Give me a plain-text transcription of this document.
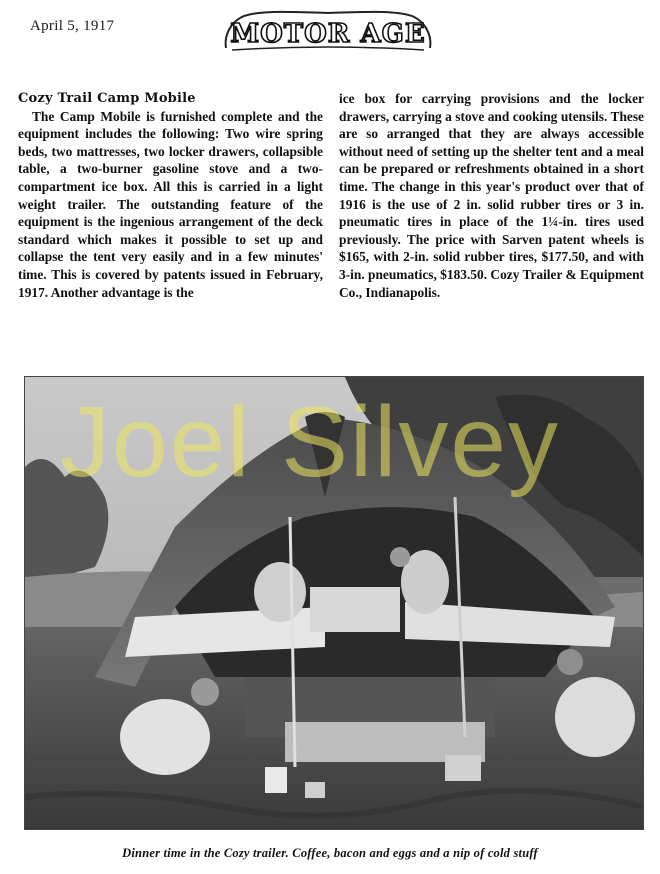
April 5, 1917	MOTOR AGE
Cozy Trail Camp Mobile

The Camp Mobile is furnished complete and the equipment includes the following: Two wire spring beds, two mattresses, two locker drawers, collapsible table, a two-burner gasoline stove and a two-compartment ice box. All this is carried in a light weight trailer. The outstanding feature of the equipment is the ingenious arrangement of the deck standard which makes it possible to set up and collapse the tent very easily and in a few minutes' time. This is covered by patents issued in February, 1917. Another advantage is the

ice box for carrying provisions and the locker drawers, carrying a stove and cooking utensils. These are so arranged that they are always accessible without need of setting up the shelter tent and a meal can be prepared or refreshments obtained in a short time. The change in this year's product over that of 1916 is the use of 2 in. solid rubber tires or 3 in. pneumatic tires in place of the 1¼-in. tires used previously. The price with Sarven patent wheels is $165, with 2-in. solid rubber tires, $177.50, and with 3-in. pneumatics, $183.50. Cozy Trailer & Equipment Co., Indianapolis.

Joel Silvey
Dinner time in the Cozy trailer. Coffee, bacon and eggs and a nip of cold stuff
